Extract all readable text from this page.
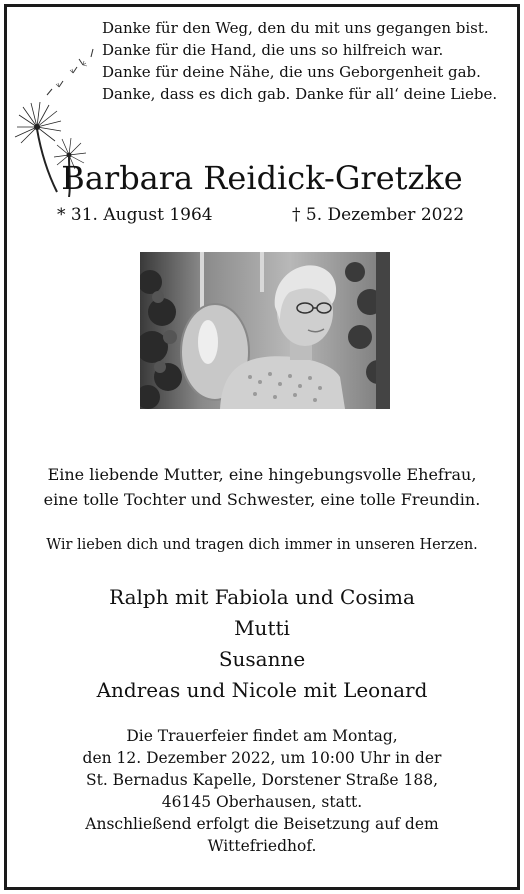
Danke für den Weg, den du mit uns gegangen bist.
Danke für die Hand, die uns so hilfreich war.
Danke für deine Nähe, die uns Geborgenheit gab.
Danke, dass es dich gab. Danke für all‘ deine Liebe.
Barbara Reidick-Gretzke
* 31. August 1964	† 5. Dezember 2022
Eine liebende Mutter, eine hingebungsvolle Ehefrau,
eine tolle Tochter und Schwester, eine tolle Freundin.
Wir lieben dich und tragen dich immer in unseren Herzen.
Ralph mit Fabiola und Cosima
Mutti
Susanne
Andreas und Nicole mit Leonard
Die Trauerfeier findet am Montag,
den 12. Dezember 2022, um 10:00 Uhr in der
St. Bernadus Kapelle, Dorstener Straße 188,
46145 Oberhausen, statt.
Anschließend erfolgt die Beisetzung auf dem
Wittefriedhof.
